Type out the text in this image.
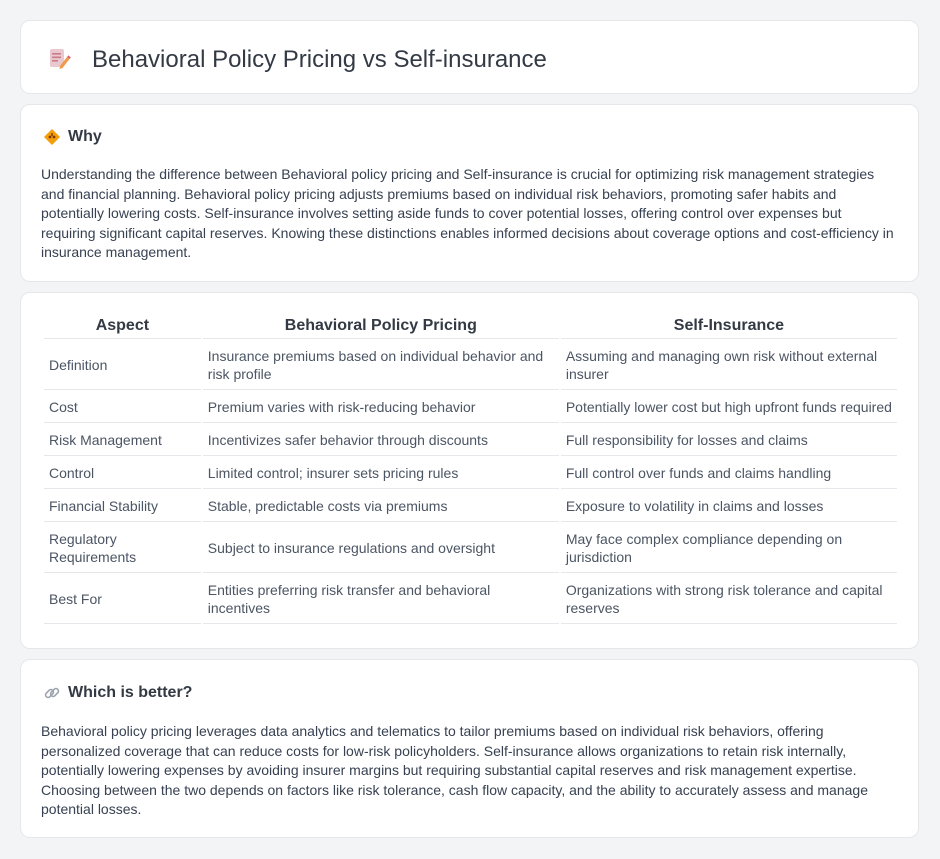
Behavioral Policy Pricing vs Self-insurance
Why

Understanding the difference between Behavioral policy pricing and Self-insurance is crucial for optimizing risk management strategies and financial planning. Behavioral policy pricing adjusts premiums based on individual risk behaviors, promoting safer habits and potentially lowering costs. Self-insurance involves setting aside funds to cover potential losses, offering control over expenses but requiring significant capital reserves. Knowing these distinctions enables informed decisions about coverage options and cost-efficiency in insurance management.

Aspect	Behavioral Policy Pricing	Self-Insurance
Definition	Insurance premiums based on individual behavior and risk profile	Assuming and managing own risk without external insurer
Cost	Premium varies with risk-reducing behavior	Potentially lower cost but high upfront funds required
Risk Management	Incentivizes safer behavior through discounts	Full responsibility for losses and claims
Control	Limited control; insurer sets pricing rules	Full control over funds and claims handling
Financial Stability	Stable, predictable costs via premiums	Exposure to volatility in claims and losses
Regulatory Requirements	Subject to insurance regulations and oversight	May face complex compliance depending on jurisdiction
Best For	Entities preferring risk transfer and behavioral incentives	Organizations with strong risk tolerance and capital reserves
Which is better?

Behavioral policy pricing leverages data analytics and telematics to tailor premiums based on individual risk behaviors, offering personalized coverage that can reduce costs for low-risk policyholders. Self-insurance allows organizations to retain risk internally, potentially lowering expenses by avoiding insurer margins but requiring substantial capital reserves and risk management expertise. Choosing between the two depends on factors like risk tolerance, cash flow capacity, and the ability to accurately assess and manage potential losses.
